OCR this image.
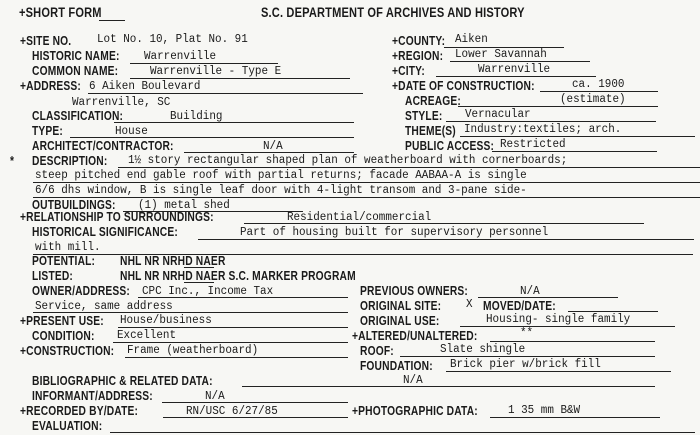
+SHORT FORM	S.C. DEPARTMENT OF ARCHIVES AND HISTORY
+SITE NO. Lot No. 10, Plat No. 91	+COUNTY: Aiken
HISTORIC NAME: Warrenville	+REGION: Lower Savannah
COMMON NAME:	Warrenville - Type E	+CITY:	Warrenville
+ADDRESS: 6 Aiken Boulevard
Warrenville, SC
+DATE OF CONSTRUCTION:	ca. 1900
ACREAGE:	(estimate)
CLASSIFICATION:	Building	STYLE: Vernacular
TYPE:	House	THEME(S) Industry:textiles; arch.
ARCHITECT/CONTRACTOR:	N/A	PUBLIC ACCESS: Restricted
* DESCRIPTION: 1½ story rectangular shaped plan of weatherboard with cornerboards;
steep pitched end gable roof with partial returns; facade AABAA-A is single
6/6 dhs window, B is single leaf door with 4-light transom and 3-pane side-
OUTBUILDINGS: (1) metal shed
+RELATIONSHIP TO SURROUNDINGS:	Residential/commercial
HISTORICAL SIGNIFICANCE:	Part of housing built for supervisory personnel
with mill.
POTENTIAL: NHL NR NRHD NAER
LISTED:	NHL NR NRHD NAER S.C. MARKER PROGRAM
OWNER/ADDRESS: CPC Inc., Income Tax
Service, same address
PREVIOUS OWNERS:	N/A
ORIGINAL SITE: X MOVED/DATE:
+PRESENT USE: House/business	ORIGINAL USE:	Housing- single family
CONDITION: Excellent	+ALTERED/UNALTERED:	**
+CONSTRUCTION: Frame (weatherboard)	ROOF:	Slate shingle
FOUNDATION: Brick pier w/brick fill
BIBLIOGRAPHIC & RELATED DATA:	N/A
INFORMANT/ADDRESS:	N/A
+RECORDED BY/DATE:	RN/USC 6/27/85	+PHOTOGRAPHIC DATA:	1 35 mm B&W
EVALUATION:
